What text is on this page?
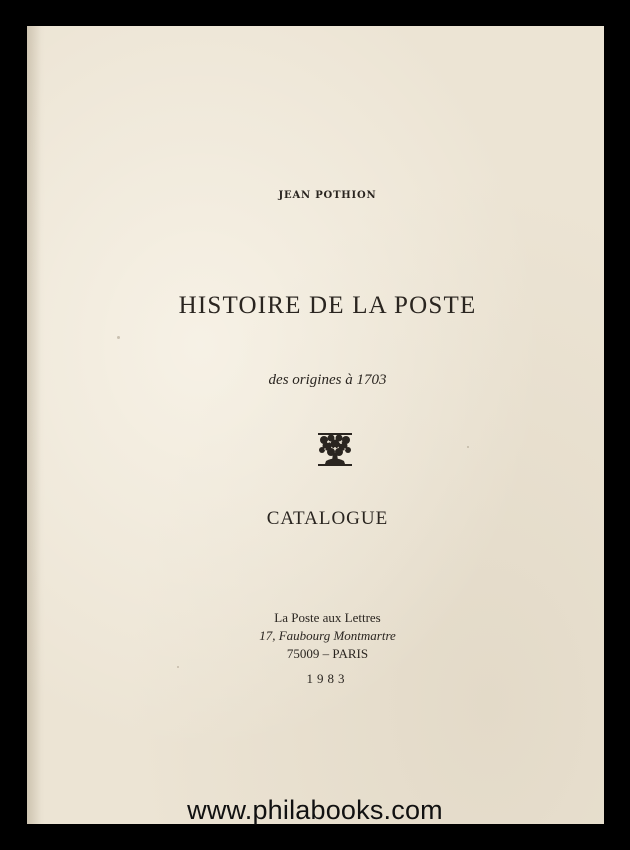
JEAN POTHION
HISTOIRE DE LA POSTE
des origines à 1703
CATALOGUE
La Poste aux Lettres
17, Faubourg Montmartre
75009 – PARIS
1983
www.philabooks.com
